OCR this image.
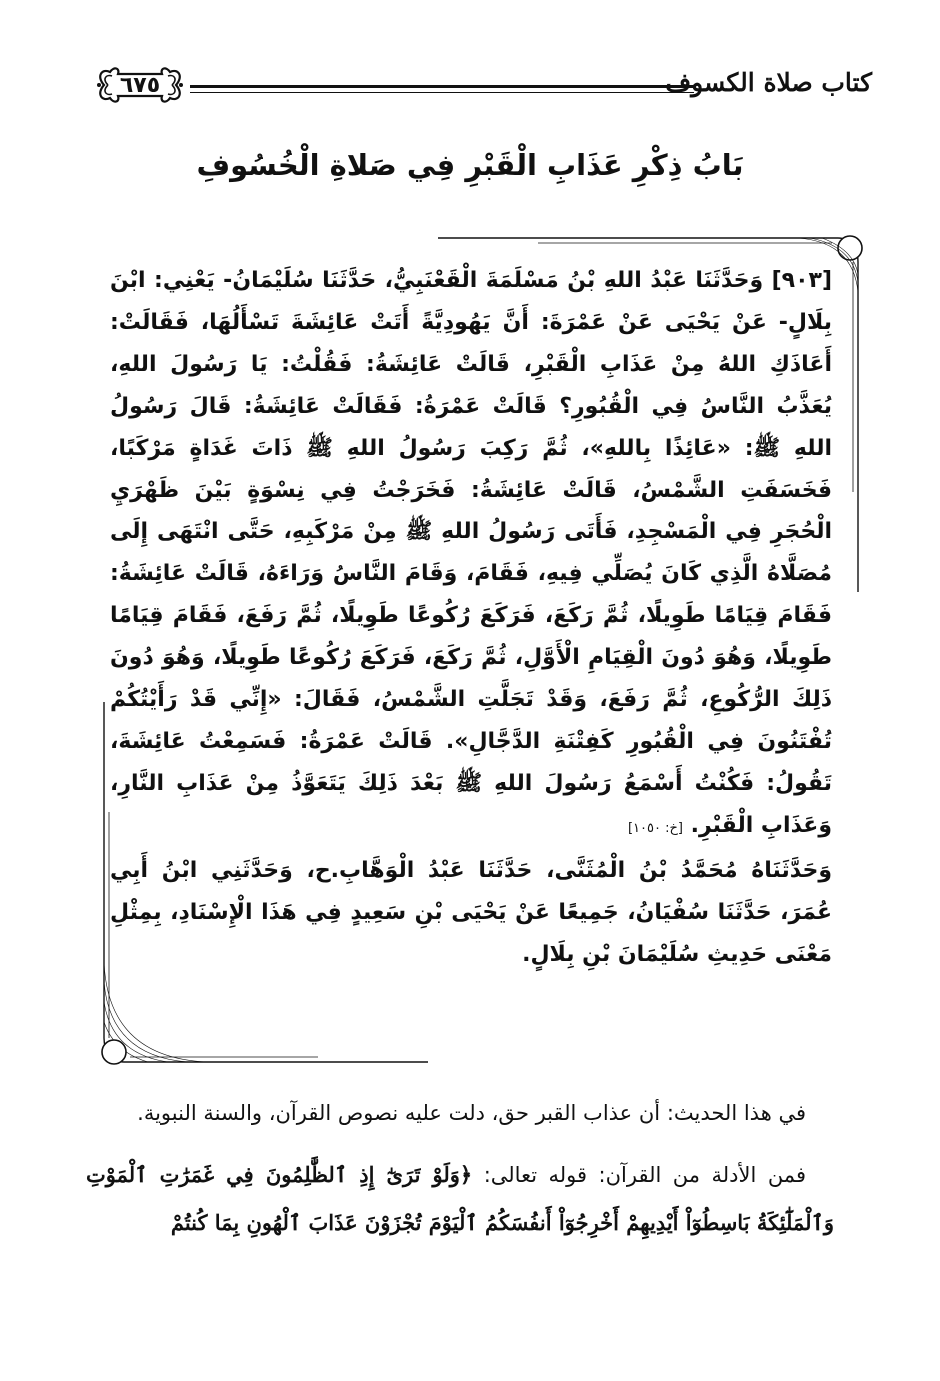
كتاب صلاة الكسوف
٦٧٥
بَابُ ذِكْرِ عَذَابِ الْقَبْرِ فِي صَلاةِ الْخُسُوفِ

[٩٠٣] وَحَدَّثَنَا عَبْدُ اللهِ بْنُ مَسْلَمَةَ الْقَعْنَبِيُّ، حَدَّثَنَا سُلَيْمَانُ- يَعْنِي: ابْنَ بِلَالٍ- عَنْ يَحْيَى عَنْ عَمْرَةَ: أَنَّ يَهُودِيَّةً أَتَتْ عَائِشَةَ تَسْأَلُهَا، فَقَالَتْ: أَعَاذَكِ اللهُ مِنْ عَذَابِ الْقَبْرِ، قَالَتْ عَائِشَةُ: فَقُلْتُ: يَا رَسُولَ اللهِ، يُعَذَّبُ النَّاسُ فِي الْقُبُورِ؟ قَالَتْ عَمْرَةُ: فَقَالَتْ عَائِشَةُ: قَالَ رَسُولُ اللهِ ﷺ: «عَائِذًا بِاللهِ»، ثُمَّ رَكِبَ رَسُولُ اللهِ ﷺ ذَاتَ غَدَاةٍ مَرْكَبًا، فَخَسَفَتِ الشَّمْسُ، قَالَتْ عَائِشَةُ: فَخَرَجْتُ فِي نِسْوَةٍ بَيْنَ ظَهْرَيِ الْحُجَرِ فِي الْمَسْجِدِ، فَأَتَى رَسُولُ اللهِ ﷺ مِنْ مَرْكَبِهِ، حَتَّى انْتَهَى إِلَى مُصَلَّاهُ الَّذِي كَانَ يُصَلِّي فِيهِ، فَقَامَ، وَقَامَ النَّاسُ وَرَاءَهُ، قَالَتْ عَائِشَةُ: فَقَامَ قِيَامًا طَوِيلًا، ثُمَّ رَكَعَ، فَرَكَعَ رُكُوعًا طَوِيلًا، ثُمَّ رَفَعَ، فَقَامَ قِيَامًا طَوِيلًا، وَهُوَ دُونَ الْقِيَامِ الْأَوَّلِ، ثُمَّ رَكَعَ، فَرَكَعَ رُكُوعًا طَوِيلًا، وَهُوَ دُونَ ذَلِكَ الرُّكُوعِ، ثُمَّ رَفَعَ، وَقَدْ تَجَلَّتِ الشَّمْسُ، فَقَالَ: «إِنِّي قَدْ رَأَيْتُكُمْ تُفْتَنُونَ فِي الْقُبُورِ كَفِتْنَةِ الدَّجَّالِ». قَالَتْ عَمْرَةُ: فَسَمِعْتُ عَائِشَةَ، تَقُولُ: فَكُنْتُ أَسْمَعُ رَسُولَ اللهِ ﷺ بَعْدَ ذَلِكَ يَتَعَوَّذُ مِنْ عَذَابِ النَّارِ، وَعَذَابِ الْقَبْرِ. [خ: ١٠٥٠]

وَحَدَّثَنَاهُ مُحَمَّدُ بْنُ الْمُثَنَّى، حَدَّثَنَا عَبْدُ الْوَهَّابِ.ح، وَحَدَّثَنِي ابْنُ أَبِي عُمَرَ، حَدَّثَنَا سُفْيَانُ، جَمِيعًا عَنْ يَحْيَى بْنِ سَعِيدٍ فِي هَذَا الْإِسْنَادِ، بِمِثْلِ مَعْنَى حَدِيثِ سُلَيْمَانَ بْنِ بِلَالٍ.

في هذا الحديث: أن عذاب القبر حق، دلت عليه نصوص القرآن، والسنة النبوية.

فمن الأدلة من القرآن: قوله تعالى: ﴿وَلَوْ تَرَىٰٓ إِذِ ٱلظَّٰلِمُونَ فِي غَمَرَٰتِ ٱلْمَوْتِ وَٱلْمَلَٰٓئِكَةُ بَاسِطُوٓاْ أَيْدِيهِمْ أَخْرِجُوٓاْ أَنفُسَكُمُ ٱلْيَوْمَ تُجْزَوْنَ عَذَابَ ٱلْهُونِ بِمَا كُنتُمْ
